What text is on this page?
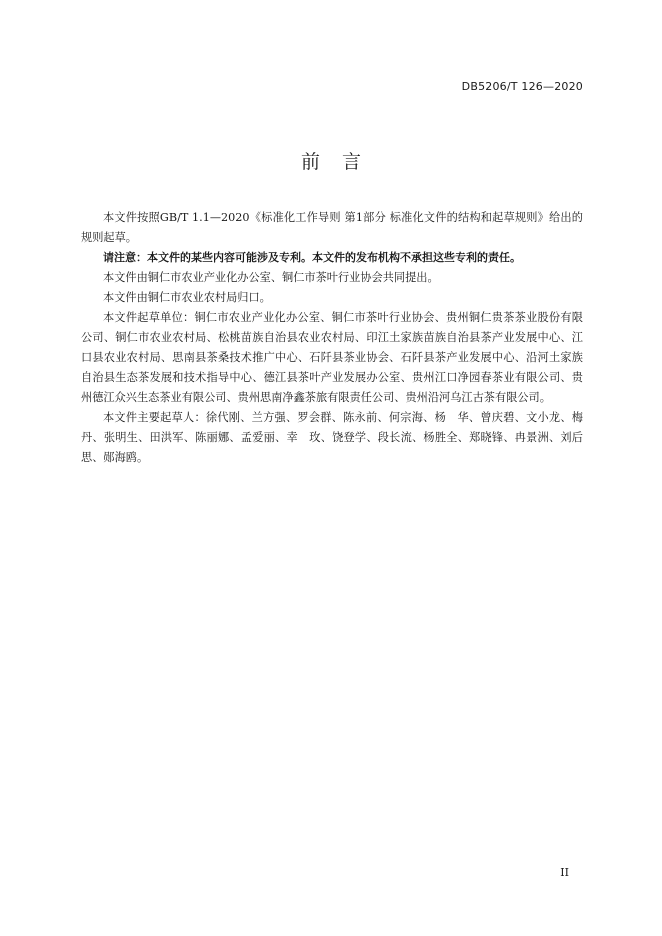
DB5206/T 126—2020
前言

本文件按照GB/T 1.1—2020《标准化工作导则 第1部分 标准化文件的结构和起草规则》给出的规则起草。

请注意：本文件的某些内容可能涉及专利。本文件的发布机构不承担这些专利的责任。

本文件由铜仁市农业产业化办公室、铜仁市茶叶行业协会共同提出。

本文件由铜仁市农业农村局归口。

本文件起草单位：铜仁市农业产业化办公室、铜仁市茶叶行业协会、贵州铜仁贵茶茶业股份有限公司、铜仁市农业农村局、松桃苗族自治县农业农村局、印江土家族苗族自治县茶产业发展中心、江口县农业农村局、思南县茶桑技术推广中心、石阡县茶业协会、石阡县茶产业发展中心、沿河土家族自治县生态茶发展和技术指导中心、德江县茶叶产业发展办公室、贵州江口净园春茶业有限公司、贵州德江众兴生态茶业有限公司、贵州思南净鑫茶旅有限责任公司、贵州沿河乌江古茶有限公司。

本文件主要起草人：徐代刚、兰方强、罗会群、陈永前、何宗海、杨　华、曾庆碧、文小龙、梅　丹、张明生、田洪军、陈丽娜、孟爱丽、幸　玫、饶登学、段长流、杨胜全、郑晓锋、冉景洲、刘后思、郧海鸥。

II
